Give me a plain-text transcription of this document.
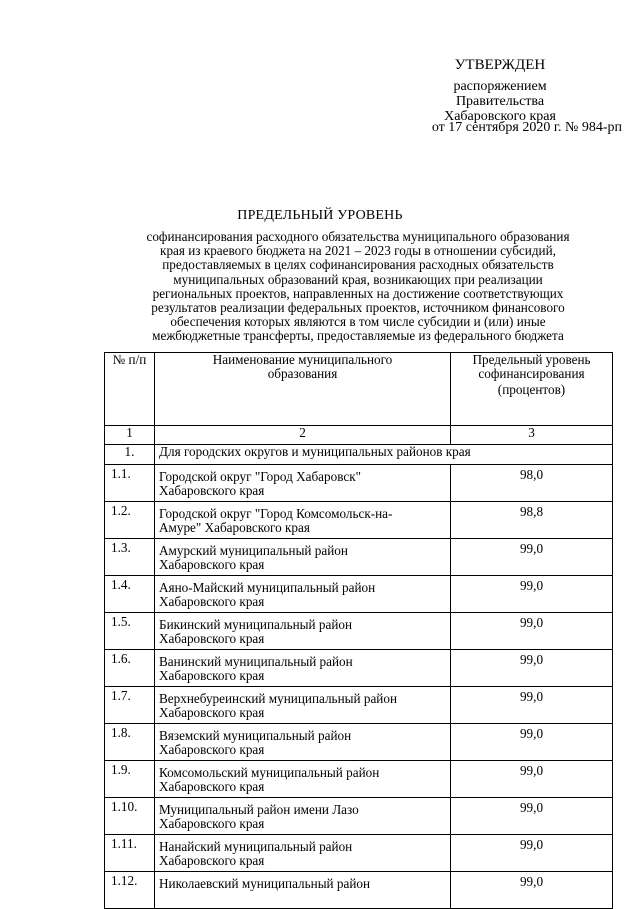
УТВЕРЖДЕН
распоряжением
Правительства
Хабаровского края
от 17 сентября 2020 г. № 984-рп
ПРЕДЕЛЬНЫЙ УРОВЕНЬ
софинансирования расходного обязательства муниципального образования
края из краевого бюджета на 2021 – 2023 годы в отношении субсидий,
предоставляемых в целях софинансирования расходных обязательств
муниципальных образований края, возникающих при реализации
региональных проектов, направленных на достижение соответствующих
результатов реализации федеральных проектов, источником финансового
обеспечения которых являются в том числе субсидии и (или) иные
межбюджетные трансферты, предоставляемые из федерального бюджета
№ п/п	Наименование муниципального образования	Предельный уровень
софинансирования
(процентов)

1	2	3
1.	Для городских округов и муниципальных районов края	
1.1.	Городской округ "Город Хабаровск"
Хабаровского края	98,0
1.2.	Городской округ "Город Комсомольск-на-
Амуре" Хабаровского края	98,8
1.3.	Амурский муниципальный район
Хабаровского края	99,0
1.4.	Аяно-Майский муниципальный район
Хабаровского края	99,0
1.5.	Бикинский муниципальный район
Хабаровского края	99,0
1.6.	Ванинский муниципальный район
Хабаровского края	99,0
1.7.	Верхнебуреинский муниципальный район
Хабаровского края	99,0
1.8.	Вяземский муниципальный район
Хабаровского края	99,0
1.9.	Комсомольский муниципальный район
Хабаровского края	99,0
1.10.	Муниципальный район имени Лазо
Хабаровского края	99,0
1.11.	Нанайский муниципальный район
Хабаровского края	99,0
1.12.	Николаевский муниципальный район	99,0
